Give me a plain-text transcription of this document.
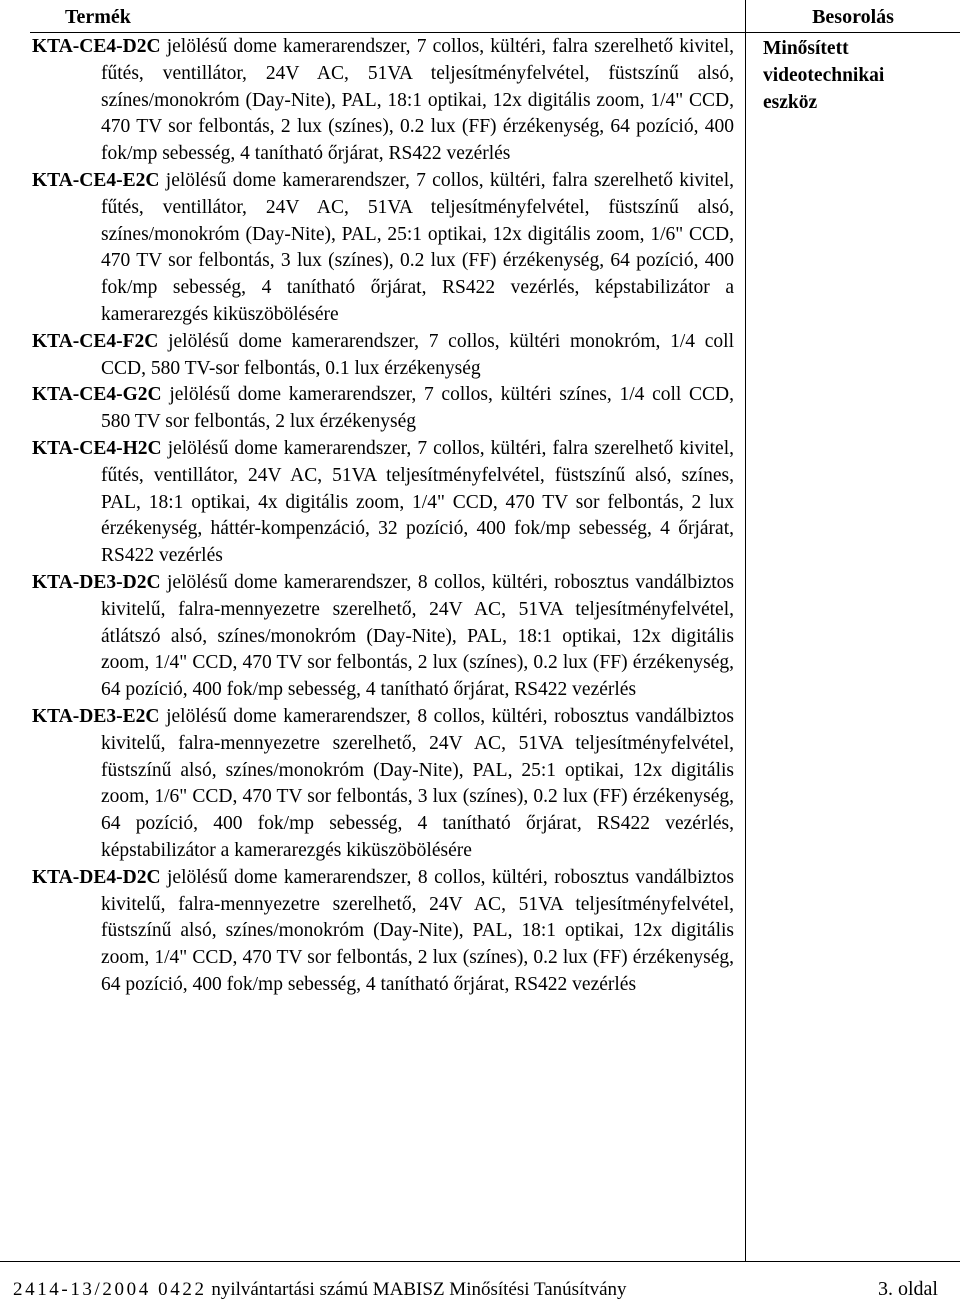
Termék	Besorolás
Minősített
videotechnikai
eszköz
KTA-CE4-D2C jelölésű dome kamerarendszer, 7 collos, kültéri, falra szerelhető kivitel, fűtés, ventillátor, 24V AC, 51VA teljesítményfelvétel, füstszínű alsó, színes/monokróm (Day-Nite), PAL, 18:1 optikai, 12x digitális zoom, 1/4" CCD, 470 TV sor felbontás, 2 lux (színes), 0.2 lux (FF) érzékenység, 64 pozíció, 400 fok/mp sebesség, 4 tanítható őrjárat, RS422 vezérlés
KTA-CE4-E2C jelölésű dome kamerarendszer, 7 collos, kültéri, falra szerelhető kivitel, fűtés, ventillátor, 24V AC, 51VA teljesítményfelvétel, füstszínű alsó, színes/monokróm (Day-Nite), PAL, 25:1 optikai, 12x digitális zoom, 1/6" CCD, 470 TV sor felbontás, 3 lux (színes), 0.2 lux (FF) érzékenység, 64 pozíció, 400 fok/mp sebesség, 4 tanítható őrjárat, RS422 vezérlés, képstabilizátor a kamerarezgés kiküszöbölésére
KTA-CE4-F2C jelölésű dome kamerarendszer, 7 collos, kültéri monokróm, 1/4 coll CCD, 580 TV-sor felbontás, 0.1 lux érzékenység
KTA-CE4-G2C jelölésű dome kamerarendszer, 7 collos, kültéri színes, 1/4 coll CCD, 580 TV sor felbontás, 2 lux érzékenység
KTA-CE4-H2C jelölésű dome kamerarendszer, 7 collos, kültéri, falra szerelhető kivitel, fűtés, ventillátor, 24V AC, 51VA teljesítményfelvétel, füstszínű alsó, színes, PAL, 18:1 optikai, 4x digitális zoom, 1/4" CCD, 470 TV sor felbontás, 2 lux érzékenység, háttér-kompenzáció, 32 pozíció, 400 fok/mp sebesség, 4 őrjárat, RS422 vezérlés
KTA-DE3-D2C jelölésű dome kamerarendszer, 8 collos, kültéri, robosztus vandálbiztos kivitelű, falra-mennyezetre szerelhető, 24V AC, 51VA teljesítményfelvétel, átlátszó alsó, színes/monokróm (Day-Nite), PAL, 18:1 optikai, 12x digitális zoom, 1/4" CCD, 470 TV sor felbontás, 2 lux (színes), 0.2 lux (FF) érzékenység, 64 pozíció, 400 fok/mp sebesség, 4 tanítható őrjárat, RS422 vezérlés
KTA-DE3-E2C jelölésű dome kamerarendszer, 8 collos, kültéri, robosztus vandálbiztos kivitelű, falra-mennyezetre szerelhető, 24V AC, 51VA teljesítményfelvétel, füstszínű alsó, színes/monokróm (Day-Nite), PAL, 25:1 optikai, 12x digitális zoom, 1/6" CCD, 470 TV sor felbontás, 3 lux (színes), 0.2 lux (FF) érzékenység, 64 pozíció, 400 fok/mp sebesség, 4 tanítható őrjárat, RS422 vezérlés, képstabilizátor a kamerarezgés kiküszöbölésére
KTA-DE4-D2C jelölésű dome kamerarendszer, 8 collos, kültéri, robosztus vandálbiztos kivitelű, falra-mennyezetre szerelhető, 24V AC, 51VA teljesítményfelvétel, füstszínű alsó, színes/monokróm (Day-Nite), PAL, 18:1 optikai, 12x digitális zoom, 1/4" CCD, 470 TV sor felbontás, 2 lux (színes), 0.2 lux (FF) érzékenység, 64 pozíció, 400 fok/mp sebesség, 4 tanítható őrjárat, RS422 vezérlés
2414-13/2004 0422 nyilvántartási számú MABISZ Minősítési Tanúsítvány	3. oldal
